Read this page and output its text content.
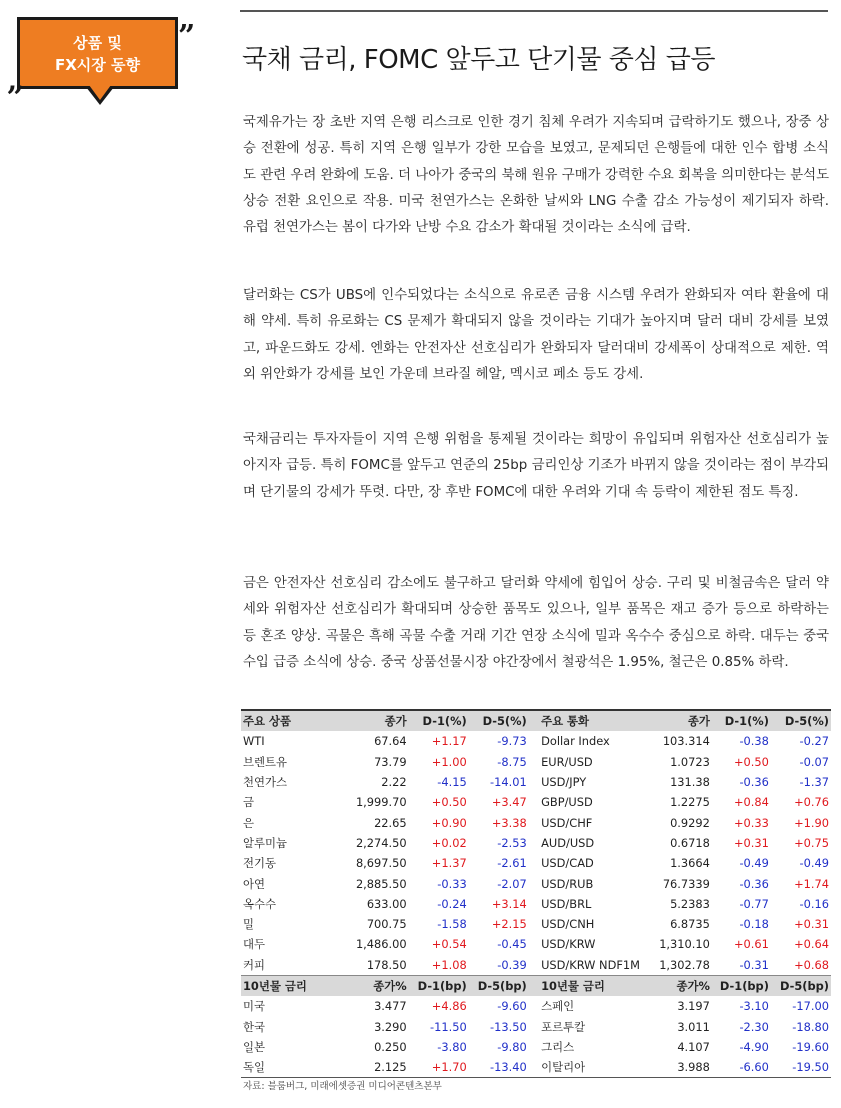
상품 및
FX시장 동향
„
”
국채 금리, FOMC 앞두고 단기물 중심 급등

국제유가는 장 초반 지역 은행 리스크로 인한 경기 침체 우려가 지속되며 급락하기도 했으나, 장중 상승 전환에 성공. 특히 지역 은행 일부가 강한 모습을 보였고, 문제되던 은행들에 대한 인수 합병 소식도 관련 우려 완화에 도움. 더 나아가 중국의 북해 원유 구매가 강력한 수요 회복을 의미한다는 분석도 상승 전환 요인으로 작용. 미국 천연가스는 온화한 날씨와 LNG 수출 감소 가능성이 제기되자 하락. 유럽 천연가스는 봄이 다가와 난방 수요 감소가 확대될 것이라는 소식에 급락.

달러화는 CS가 UBS에 인수되었다는 소식으로 유로존 금융 시스템 우려가 완화되자 여타 환율에 대해 약세. 특히 유로화는 CS 문제가 확대되지 않을 것이라는 기대가 높아지며 달러 대비 강세를 보였고, 파운드화도 강세. 엔화는 안전자산 선호심리가 완화되자 달러대비 강세폭이 상대적으로 제한. 역외 위안화가 강세를 보인 가운데 브라질 헤알, 멕시코 페소 등도 강세.

국채금리는 투자자들이 지역 은행 위험을 통제될 것이라는 희망이 유입되며 위험자산 선호심리가 높아지자 급등. 특히 FOMC를 앞두고 연준의 25bp 금리인상 기조가 바뀌지 않을 것이라는 점이 부각되며 단기물의 강세가 뚜렷. 다만, 장 후반 FOMC에 대한 우려와 기대 속 등락이 제한된 점도 특징.

금은 안전자산 선호심리 감소에도 불구하고 달러화 약세에 힘입어 상승. 구리 및 비철금속은 달러 약세와 위험자산 선호심리가 확대되며 상승한 품목도 있으나, 일부 품목은 재고 증가 등으로 하락하는 등 혼조 양상. 곡물은 흑해 곡물 수출 거래 기간 연장 소식에 밀과 옥수수 중심으로 하락. 대두는 중국 수입 급증 소식에 상승. 중국 상품선물시장 야간장에서 철광석은 1.95%, 철근은 0.85% 하락.

주요 상품	종가	D-1(%)	D-5(%)		주요 통화	종가	D-1(%)	D-5(%)
WTI	67.64	+1.17	-9.73		Dollar Index	103.314	-0.38	-0.27
브렌트유	73.79	+1.00	-8.75		EUR/USD	1.0723	+0.50	-0.07
천연가스	2.22	-4.15	-14.01		USD/JPY	131.38	-0.36	-1.37
금	1,999.70	+0.50	+3.47		GBP/USD	1.2275	+0.84	+0.76
은	22.65	+0.90	+3.38		USD/CHF	0.9292	+0.33	+1.90
알루미늄	2,274.50	+0.02	-2.53		AUD/USD	0.6718	+0.31	+0.75
전기동	8,697.50	+1.37	-2.61		USD/CAD	1.3664	-0.49	-0.49
아연	2,885.50	-0.33	-2.07		USD/RUB	76.7339	-0.36	+1.74
옥수수	633.00	-0.24	+3.14		USD/BRL	5.2383	-0.77	-0.16
밀	700.75	-1.58	+2.15		USD/CNH	6.8735	-0.18	+0.31
대두	1,486.00	+0.54	-0.45		USD/KRW	1,310.10	+0.61	+0.64
커피	178.50	+1.08	-0.39		USD/KRW NDF1M	1,302.78	-0.31	+0.68
10년물 금리	종가%	D-1(bp)	D-5(bp)		10년물 금리	종가%	D-1(bp)	D-5(bp)
미국	3.477	+4.86	-9.60		스페인	3.197	-3.10	-17.00
한국	3.290	-11.50	-13.50		포르투칼	3.011	-2.30	-18.80
일본	0.250	-3.80	-9.80		그리스	4.107	-4.90	-19.60
독일	2.125	+1.70	-13.40		이탈리아	3.988	-6.60	-19.50
자료: 블룸버그, 미래에셋증권 미디어콘텐츠본부
